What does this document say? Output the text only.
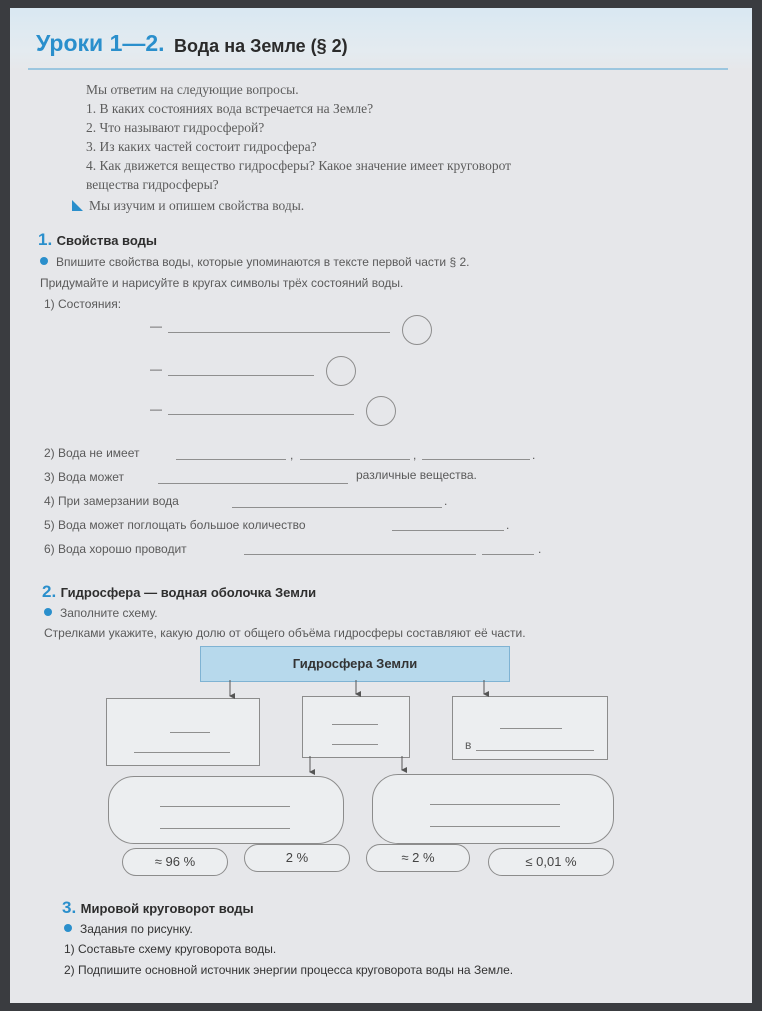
Уроки 1—2. Вода на Земле (§ 2)
Мы ответим на следующие вопросы.
1. В каких состояниях вода встречается на Земле?
2. Что называют гидросферой?
3. Из каких частей состоит гидросфера?
4. Как движется вещество гидросферы? Какое значение имеет круговорот
вещества гидросферы?
Мы изучим и опишем свойства воды.
1. Свойства воды
Впишите свойства воды, которые упоминаются в тексте первой части § 2.
Придумайте и нарисуйте в кругах символы трёх состояний воды.
1) Состояния:
—
—
—
2) Вода не имеет	,	,	.
3) Вода может	различные вещества.
4) При замерзании вода	.
5) Вода может поглощать большое количество	.
6) Вода хорошо проводит	.
2. Гидросфера — водная оболочка Земли
Заполните схему.
Стрелками укажите, какую долю от общего объёма гидросферы составляют её части.
Гидросфера Земли
в
≈ 96 %	2 %	≈ 2 %	≤ 0,01 %
3. Мировой круговорот воды
Задания по рисунку.
1) Составьте схему круговорота воды.
2) Подпишите основной источник энергии процесса круговорота воды на Земле.
